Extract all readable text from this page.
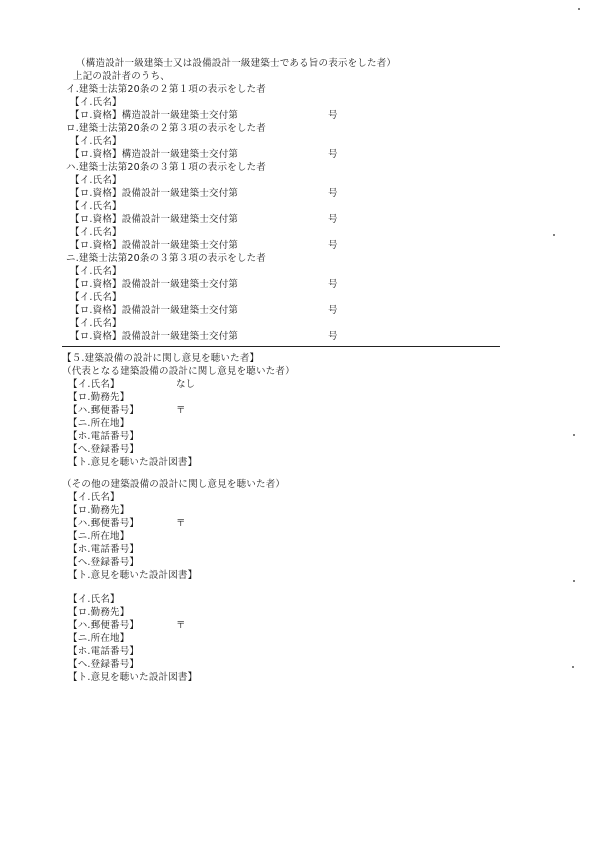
（構造設計一級建築士又は設備設計一級建築士である旨の表示をした者）
上記の設計者のうち、
イ.建築士法第20条の２第１項の表示をした者
【イ.氏名】
【ロ.資格】構造設計一級建築士交付第	号
ロ.建築士法第20条の２第３項の表示をした者
【イ.氏名】
【ロ.資格】構造設計一級建築士交付第	号
ハ.建築士法第20条の３第１項の表示をした者
【イ.氏名】
【ロ.資格】設備設計一級建築士交付第	号
【イ.氏名】
【ロ.資格】設備設計一級建築士交付第	号
【イ.氏名】
【ロ.資格】設備設計一級建築士交付第	号
ニ.建築士法第20条の３第３項の表示をした者
【イ.氏名】
【ロ.資格】設備設計一級建築士交付第	号
【イ.氏名】
【ロ.資格】設備設計一級建築士交付第	号
【イ.氏名】
【ロ.資格】設備設計一級建築士交付第	号
【５.建築設備の設計に関し意見を聴いた者】
（代表となる建築設備の設計に関し意見を聴いた者）
【イ.氏名】	なし
【ロ.勤務先】
【ハ.郵便番号】	〒
【ニ.所在地】
【ホ.電話番号】
【ヘ.登録番号】
【ト.意見を聴いた設計図書】
（その他の建築設備の設計に関し意見を聴いた者）
【イ.氏名】
【ロ.勤務先】
【ハ.郵便番号】	〒
【ニ.所在地】
【ホ.電話番号】
【ヘ.登録番号】
【ト.意見を聴いた設計図書】
【イ.氏名】
【ロ.勤務先】
【ハ.郵便番号】	〒
【ニ.所在地】
【ホ.電話番号】
【ヘ.登録番号】
【ト.意見を聴いた設計図書】
